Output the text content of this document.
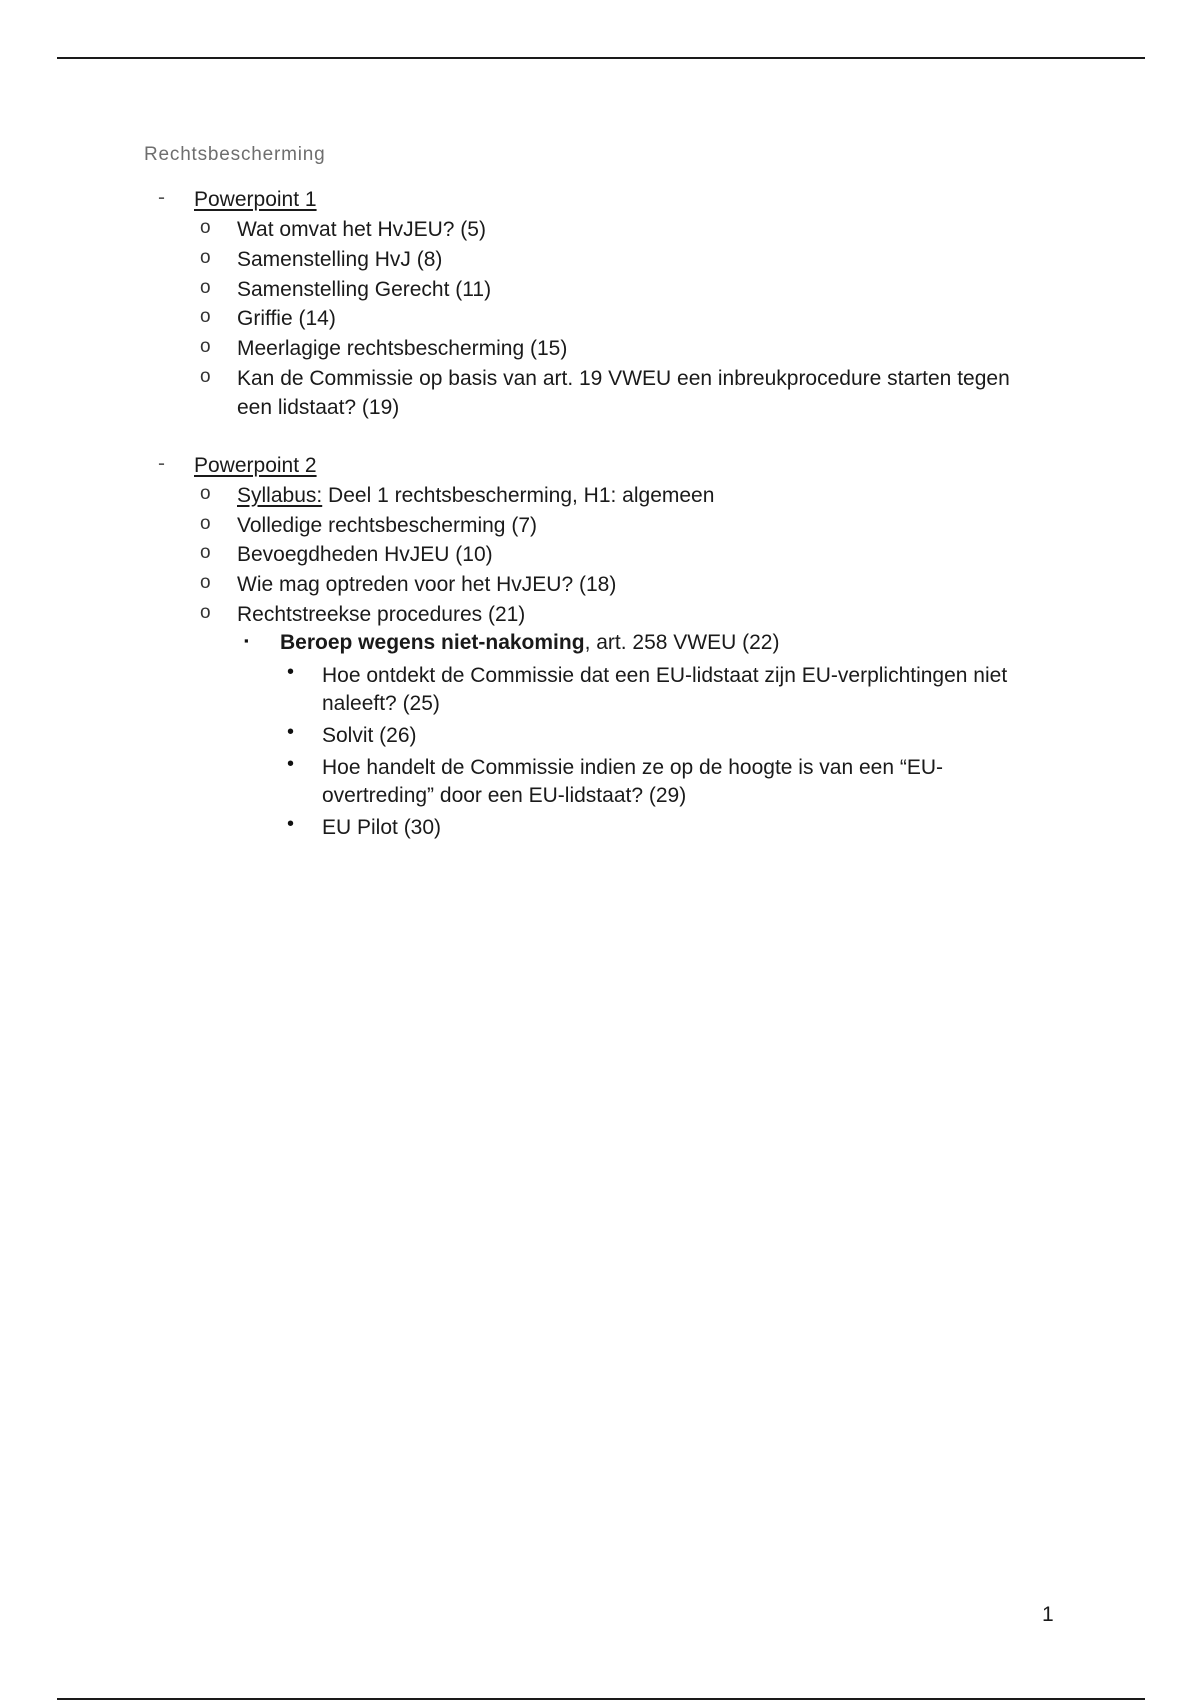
Rechtsbescherming
- Powerpoint 1
o Wat omvat het HvJEU? (5)
o Samenstelling HvJ (8)
o Samenstelling Gerecht (11)
o Griffie (14)
o Meerlagige rechtsbescherming (15)
o Kan de Commissie op basis van art. 19 VWEU een inbreukprocedure starten tegen
een lidstaat? (19)
- Powerpoint 2
o Syllabus: Deel 1 rechtsbescherming, H1: algemeen
o Volledige rechtsbescherming (7)
o Bevoegdheden HvJEU (10)
o Wie mag optreden voor het HvJEU? (18)
o Rechtstreekse procedures (21)
▪ Beroep wegens niet-nakoming, art. 258 VWEU (22)
• Hoe ontdekt de Commissie dat een EU-lidstaat zijn EU-verplichtingen niet
naleeft? (25)
• Solvit (26)
• Hoe handelt de Commissie indien ze op de hoogte is van een “EU-
overtreding” door een EU-lidstaat? (29)
• EU Pilot (30)
1
